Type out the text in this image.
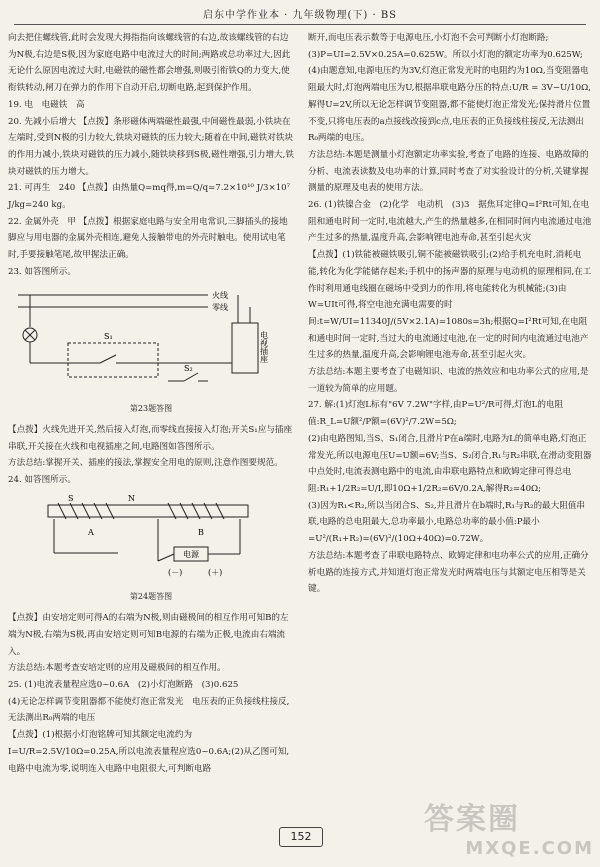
启东中学作业本 · 九年级物理(下) · BS

向去把住螺线管,此时会发现大拇指指向该螺线管的右边,故该螺线管的右边为N极,右边是S极,因为家庭电路中电流过大的时间;两路或总功率过大,因此无论什么原因电流过大时,电磁铁的磁性都会增强,则吸引衔铁Q的力变大,使衔铁转动,闸刀在弹力的作用下自动开启,切断电路,起到保护作用。

19. 电　电磁铁　高

20. 先减小后增大 【点拨】条形磁体两端磁性最强,中间磁性最弱,小铁块在左端时,受到N极的引力较大,铁块对磁铁的压力较大;随着在中间,磁铁对铁块的作用力减小,铁块对磁铁的压力减小,随铁块移到S极,磁性增强,引力增大,铁块对磁铁的压力增大。

21. 可再生　240 【点拨】由热量Q=mq得,m=Q/q=7.2×10¹⁰ J/3×10⁷ J/kg=240 kg。

22. 金属外壳　甲 【点拨】根据家庭电路与安全用电常识,三脚插头的接地脚应与用电器的金属外壳相连,避免人接触带电的外壳时触电。使用试电笔时,手要接触笔尾,故甲握法正确。

23. 如答图所示。

火线
零线
S₁
S₂
电视插座
第23题答图

【点拨】火线先进开关,然后接入灯泡,而零线直接接入灯泡;开关S₁应与插座串联,开关接在火线和电视插座之间,电路图如答图所示。

方法总结:掌握开关、插座的接法,掌握安全用电的原则,注意作图要规范。

24. 如答图所示。

S	N
A	B
电源
(－)	(＋)
第24题答图

【点拨】由安培定则可得A的右端为N极,则由磁极间的相互作用可知B的左端为N极,右端为S极,再由安培定则可知B电源的右端为正极,电流由右端流入。

方法总结:本题考查安培定则的应用及磁极间的相互作用。

25. (1)电流表量程应选0~0.6A　(2)小灯泡断路　(3)0.625

(4)无论怎样调节变阻器都不能使灯泡正常发光　电压表的正负接线柱接反,无法测出R₀两端的电压

【点拨】(1)根据小灯泡铭牌可知其额定电流约为I=U/R=2.5V/10Ω=0.25A,所以电流表量程应选0~0.6A;(2)从乙图可知,电路中电流为零,说明连入电路中电阻很大,可判断电路

断开,而电压表示数等于电源电压,小灯泡不会可判断小灯泡断路;(3)P=UI=2.5V×0.25A=0.625W。所以小灯泡的额定功率为0.625W;(4)由题意知,电源电压约为3V,灯泡正常发光时的电阻约为10Ω,当变阻器电阻最大时,灯泡两端电压为U,根据串联电路分压的特点:U/R = 3V−U/10Ω,解得U=2V,所以无论怎样调节变阻器,都不能使灯泡正常发光;保持滑片位置不变,只将电压表的a点接线改接到c点,电压表的正负接线柱接反,无法测出R₀两端的电压。

方法总结:本题是测量小灯泡额定功率实验,考查了电路的连接、电路故障的分析、电流表读数及电功率的计算,同时考查了对实验设计的分析,关键掌握测量的原理及电表的使用方法。

26. (1)铁镍合金　(2)化学　电动机　(3)3　据焦耳定律Q=I²Rt可知,在电阻和通电时间一定时,电流越大,产生的热量越多,在相同时间内电流通过电池产生过多的热量,温度升高,会影响锂电池寿命,甚至引起火灾

【点拨】(1)铁能被磁铁吸引,铜不能被磁铁吸引;(2)给手机充电时,消耗电能,转化为化学能储存起来;手机中的扬声器的原理与电动机的原理相同,在工作时利用通电线圈在磁场中受到力的作用,将电能转化为机械能;(3)由W=UIt可得,将空电池充满电需要的时间:t=W/UI=11340J/(5V×2.1A)=1080s=3h;根据Q=I²Rt可知,在电阻和通电时间一定时,当过大的电流通过电池,在一定的时间内电流通过电池产生过多的热量,温度升高,会影响锂电池寿命,甚至引起火灾。

方法总结:本题主要考查了电磁知识、电流的热效应和电功率公式的应用,是一道较为简单的应用题。

27. 解:(1)灯泡L标有"6V 7.2W"字样,由P=U²/R可得,灯泡L的电阻值:R_L=U额²/P额=(6V)²/7.2W=5Ω;

(2)由电路图知,当S、S₁闭合,且滑片P在a端时,电路为L的简单电路,灯泡正常发光,所以电源电压U=U额=6V;当S、S₂闭合,R₁与R₂串联,在滑动变阻器中点处时,电流表测电路中的电流,由串联电路特点和欧姆定律可得总电阻:R₁+1/2R₂=U/I,即10Ω+1/2R₂=6V/0.2A,解得R₂=40Ω;

(3)因为R₁<R₂,所以当闭合S、S₂,并且滑片在b端时,R₁与R₂的最大阻值串联,电路的总电阻最大,总功率最小,电路总功率的最小值:P最小=U²/(R₁+R₂)=(6V)²/(10Ω+40Ω)=0.72W。

方法总结:本题考查了串联电路特点、欧姆定律和电功率公式的应用,正确分析电路的连接方式,并知道灯泡正常发光时两端电压与其额定电压相等是关键。

152	答案圈
MXQE.COM
